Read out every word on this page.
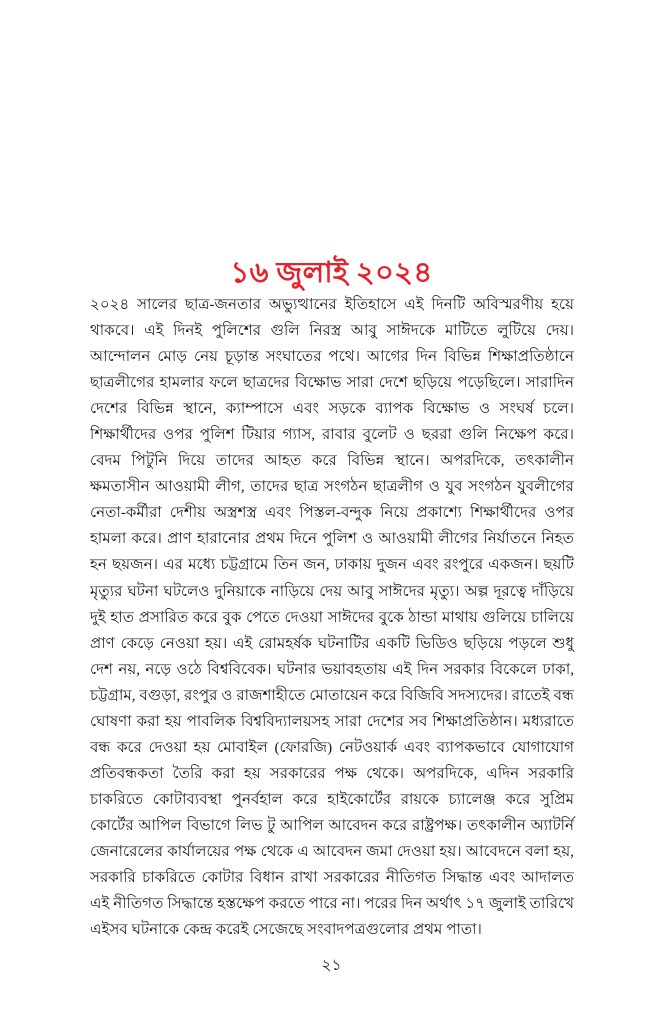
১৬ জুলাই ২০২৪

২০২৪ সালের ছাত্র-জনতার অভ্যুত্থানের ইতিহাসে এই দিনটি অবিস্মরণীয় হয়ে থাকবে। এই দিনই পুলিশের গুলি নিরস্ত্র আবু সাঈদকে মাটিতে লুটিয়ে দেয়। আন্দোলন মোড় নেয় চূড়ান্ত সংঘাতের পথে। আগের দিন বিভিন্ন শিক্ষাপ্রতিষ্ঠানে ছাত্রলীগের হামলার ফলে ছাত্রদের বিক্ষোভ সারা দেশে ছড়িয়ে পড়েছিলে। সারাদিন দেশের বিভিন্ন স্থানে, ক্যাম্পাসে এবং সড়কে ব্যাপক বিক্ষোভ ও সংঘর্ষ চলে। শিক্ষার্থীদের ওপর পুলিশ টিয়ার গ্যাস, রাবার বুলেট ও ছররা গুলি নিক্ষেপ করে। বেদম পিটুনি দিয়ে তাদের আহত করে বিভিন্ন স্থানে। অপরদিকে, তৎকালীন ক্ষমতাসীন আওয়ামী লীগ, তাদের ছাত্র সংগঠন ছাত্রলীগ ও যুব সংগঠন যুবলীগের নেতা-কর্মীরা দেশীয় অস্ত্রশস্ত্র এবং পিস্তল-বন্দুক নিয়ে প্রকাশ্যে শিক্ষার্থীদের ওপর হামলা করে। প্রাণ হারানোর প্রথম দিনে পুলিশ ও আওয়ামী লীগের নির্যাতনে নিহত হন ছয়জন। এর মধ্যে চট্টগ্রামে তিন জন, ঢাকায় দুজন এবং রংপুরে একজন। ছয়টি মৃত্যুর ঘটনা ঘটলেও দুনিয়াকে নাড়িয়ে দেয় আবু সাঈদের মৃত্যু। অল্প দূরত্বে দাঁড়িয়ে দুই হাত প্রসারিত করে বুক পেতে দেওয়া সাঈদের বুকে ঠান্ডা মাথায় গুলিয়ে চালিয়ে প্রাণ কেড়ে নেওয়া হয়। এই রোমহর্ষক ঘটনাটির একটি ভিডিও ছড়িয়ে পড়লে শুধু দেশ নয়, নড়ে ওঠে বিশ্ববিবেক। ঘটনার ভয়াবহতায় এই দিন সরকার বিকেলে ঢাকা, চট্টগ্রাম, বগুড়া, রংপুর ও রাজশাহীতে মোতায়েন করে বিজিবি সদস্যদের। রাতেই বন্ধ ঘোষণা করা হয় পাবলিক বিশ্ববিদ্যালয়সহ সারা দেশের সব শিক্ষাপ্রতিষ্ঠান। মধ্যরাতে বন্ধ করে দেওয়া হয় মোবাইল (ফোরজি) নেটওয়ার্ক এবং ব্যাপকভাবে যোগাযোগ প্রতিবন্ধকতা তৈরি করা হয় সরকারের পক্ষ থেকে। অপরদিকে, এদিন সরকারি চাকরিতে কোটাব্যবস্থা পুনর্বহাল করে হাইকোর্টের রায়কে চ্যালেঞ্জ করে সুপ্রিম কোর্টের আপিল বিভাগে লিভ টু আপিল আবেদন করে রাষ্ট্রপক্ষ। তৎকালীন অ্যাটর্নি জেনারেলের কার্যালয়ের পক্ষ থেকে এ আবেদন জমা দেওয়া হয়। আবেদনে বলা হয়, সরকারি চাকরিতে কোটার বিধান রাখা সরকারের নীতিগত সিদ্ধান্ত এবং আদালত এই নীতিগত সিদ্ধান্তে হস্তক্ষেপ করতে পারে না। পরের দিন অর্থাৎ ১৭ জুলাই তারিখে এইসব ঘটনাকে কেন্দ্র করেই সেজেছে সংবাদপত্রগুলোর প্রথম পাতা।

২১
